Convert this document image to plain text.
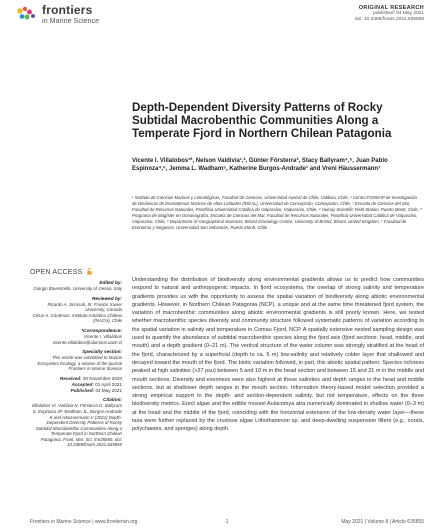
frontiers
in Marine Science
ORIGINAL RESEARCH
published: 04 May 2021
doi: 10.3389/fmars.2021.635855
Depth-Dependent Diversity Patterns of Rocky Subtidal Macrobenthic Communities Along a Temperate Fjord in Northern Chilean Patagonia
Vicente I. Villalobos¹*, Nelson Valdivia¹,², Günter Försterra³, Stacy Ballyram⁴,⁵, Juan Pablo Espinoza⁴,⁶, Jemma L. Wadham⁵, Katherine Burgos-Andrade¹ and Vreni Häussermann⁷
¹ Instituto de Ciencias Marinas y Limnológicas, Facultad de Ciencias, Universidad Austral de Chile, Valdivia, Chile, ² Centro FONDAP de Investigación de Dinámicas de Ecosistemas Marinos de Altas Latitudes (IDEAL), Universidad de Concepción, Concepción, Chile, ³ Escuela de Ciencias del Mar, Facultad de Recursos Naturales, Pontificia Universidad Católica de Valparaíso, Valparaíso, Chile, ⁴ Huinay Scientific Field Station, Puerto Montt, Chile, ⁵ Programa de Magíster en Oceanografía, Escuela de Ciencias del Mar, Facultad de Recursos Naturales, Pontificia Universidad Católica de Valparaíso, Valparaíso, Chile, ⁶ Department of Geographical Sciences, Bristol Glaciology Centre, University of Bristol, Bristol, United Kingdom, ⁷ Facultad de Economía y Negocios, Universidad San Sebastián, Puerto Montt, Chile
OPEN ACCESS
Edited by:
Giorgio Bavestrello, University of Genoa, Italy
Reviewed by:
Ricardo A. Scrosati, St. Francis Xavier University, Canada
César A. Cárdenas, Instituto Antártico Chileno (INACH), Chile
*Correspondence:
Vicente I. Villalobos
vicente.villalobos@alumnos.uach.cl
Specialty section:
This article was submitted to Marine Ecosystem Ecology, a section of the journal Frontiers in Marine Science
Received: 30 November 2020
Accepted: 01 April 2021
Published: 04 May 2021
Citation:
Villalobos VI, Valdivia N, Försterra G, Ballyram S, Espinoza JP, Wadham JL, Burgos-Andrade K and Häussermann V (2021) Depth-Dependent Diversity Patterns of Rocky Subtidal Macrobenthic Communities Along a Temperate Fjord in Northern Chilean Patagonia. Front. Mar. Sci. 8:635855. doi: 10.3389/fmars.2021.635855
Understanding the distribution of biodiversity along environmental gradients allows us to predict how communities respond to natural and anthropogenic impacts. In fjord ecosystems, the overlap of strong salinity and temperature gradients provides us with the opportunity to assess the spatial variation of biodiversity along abiotic environmental gradients. However, in Northern Chilean Patagonia (NCP), a unique and at the same time threatened fjord system, the variation of macrobenthic communities along abiotic environmental gradients is still poorly known. Here, we tested whether macrobenthic species diversity and community structure followed systematic patterns of variation according to the spatial variation in salinity and temperature in Comau Fjord, NCP. A spatially extensive nested sampling design was used to quantify the abundance of subtidal macrobenthic species along the fjord axis (fjord sections: head, middle, and mouth) and a depth gradient (0–21 m). The vertical structure of the water column was strongly stratified at the head of the fjord, characterized by a superficial (depth to ca. 5 m) low-salinity and relatively colder layer that shallowed and decayed toward the mouth of the fjord. The biotic variation followed, in part, this abiotic spatial pattern. Species richness peaked at high salinities (>27 psu) between 5 and 10 m in the head section and between 15 and 21 m in the middle and mouth sections. Diversity and evenness were also highest at these salinities and depth ranges in the head and middle sections, but at shallower depth ranges in the mouth section. Information theory-based model selection provided a strong empirical support to the depth- and section-dependent salinity, but not temperature, effects on the three biodiversity metrics. Erect algae and the edible mussel Aulacomya atra numerically dominated in shallow water (0–3 m) at the head and the middle of the fjord, coinciding with the horizontal extension of the low-density water layer—these taxa were further replaced by the crustose algae Lithothamnion sp. and deep-dwelling suspension filters (e.g., corals, polychaetes, and sponges) along depth
Frontiers in Marine Science | www.frontiersin.org	1	May 2021 | Volume 8 | Article 635855
